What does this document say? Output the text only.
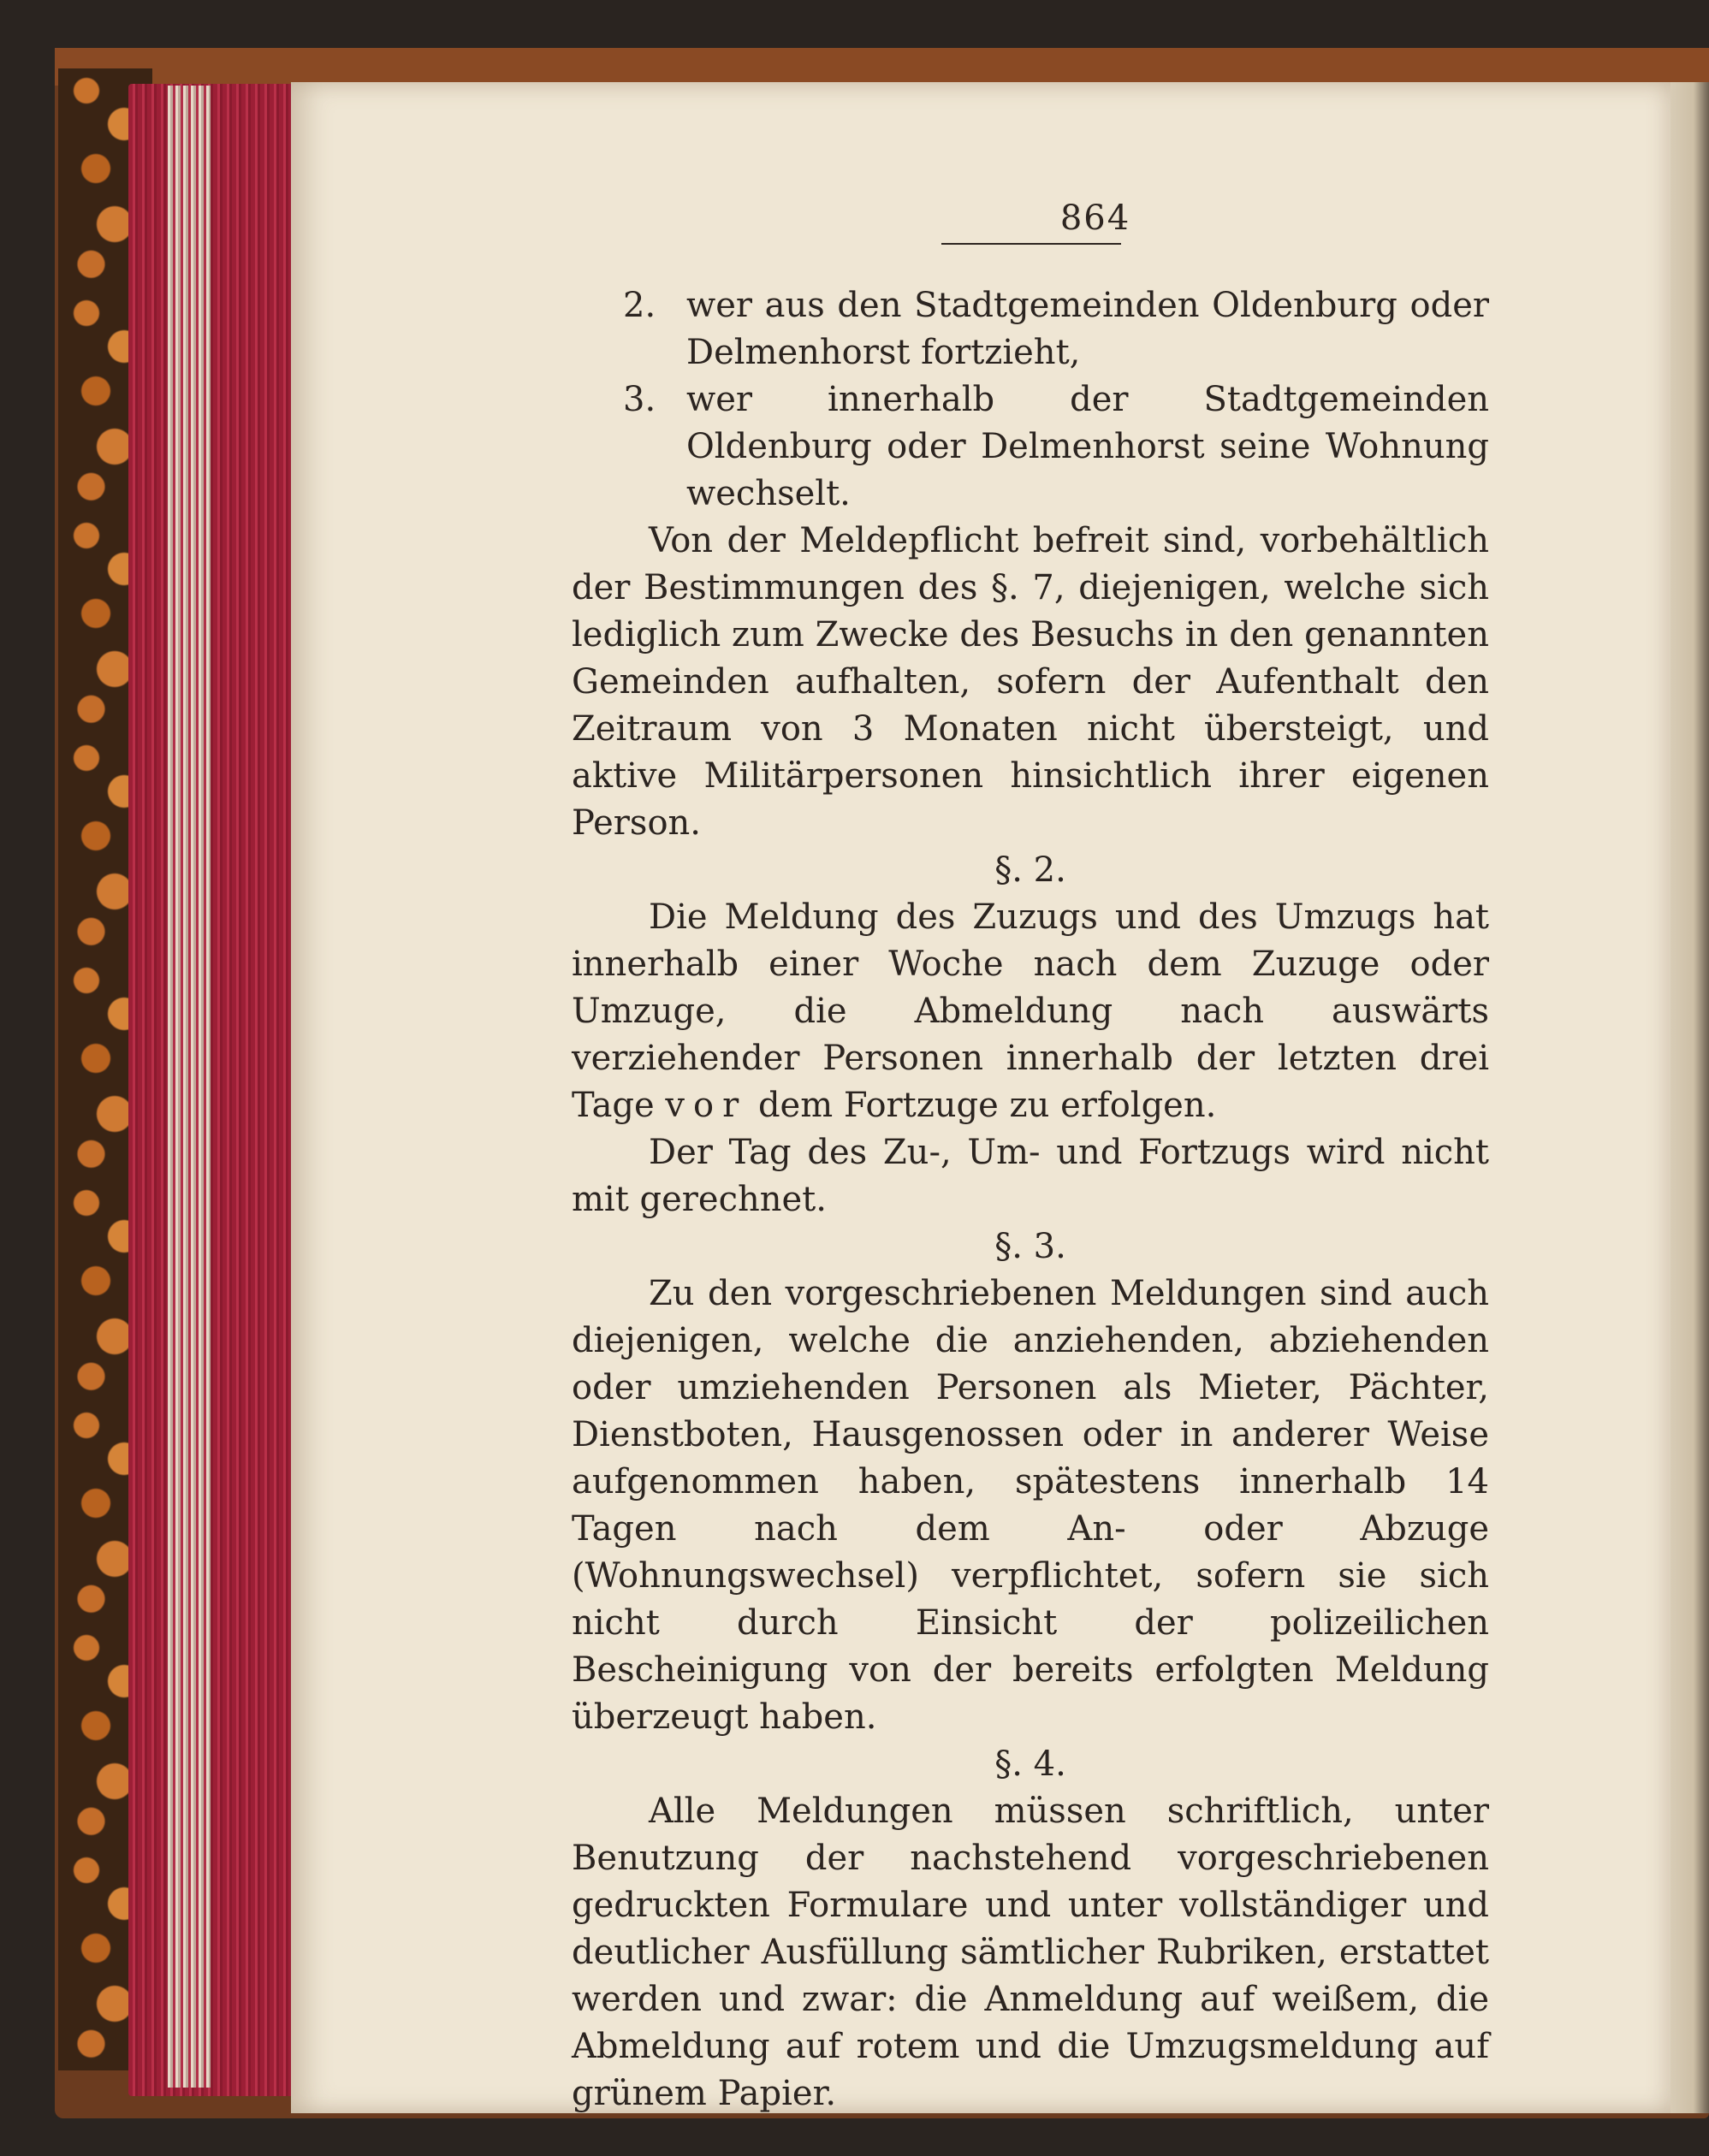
864

2. wer aus den Stadtgemeinden Oldenburg oder Delmenhorst fortzieht,

3. wer innerhalb der Stadtgemeinden Oldenburg oder Delmenhorst seine Wohnung wechselt.

Von der Meldepflicht befreit sind, vorbehältlich der Bestimmungen des §. 7, diejenigen, welche sich lediglich zum Zwecke des Besuchs in den genannten Gemeinden aufhalten, sofern der Aufenthalt den Zeitraum von 3 Monaten nicht übersteigt, und aktive Militärpersonen hinsichtlich ihrer eigenen Person.

§. 2.

Die Meldung des Zuzugs und des Umzugs hat innerhalb einer Woche nach dem Zuzuge oder Umzuge, die Abmeldung nach auswärts verziehender Personen innerhalb der letzten drei Tage vor dem Fortzuge zu erfolgen.

Der Tag des Zu-, Um- und Fortzugs wird nicht mit gerechnet.

§. 3.

Zu den vorgeschriebenen Meldungen sind auch diejenigen, welche die anziehenden, abziehenden oder umziehenden Personen als Mieter, Pächter, Dienstboten, Hausgenossen oder in anderer Weise aufgenommen haben, spätestens innerhalb 14 Tagen nach dem An- oder Abzuge (Wohnungswechsel) verpflichtet, sofern sie sich nicht durch Einsicht der polizeilichen Bescheinigung von der bereits erfolgten Meldung überzeugt haben.

§. 4.

Alle Meldungen müssen schriftlich, unter Benutzung der nachstehend vorgeschriebenen gedruckten Formulare und unter vollständiger und deutlicher Ausfüllung sämtlicher Rubriken, erstattet werden und zwar: die Anmeldung auf weißem, die Abmeldung auf rotem und die Umzugsmeldung auf grünem Papier.
